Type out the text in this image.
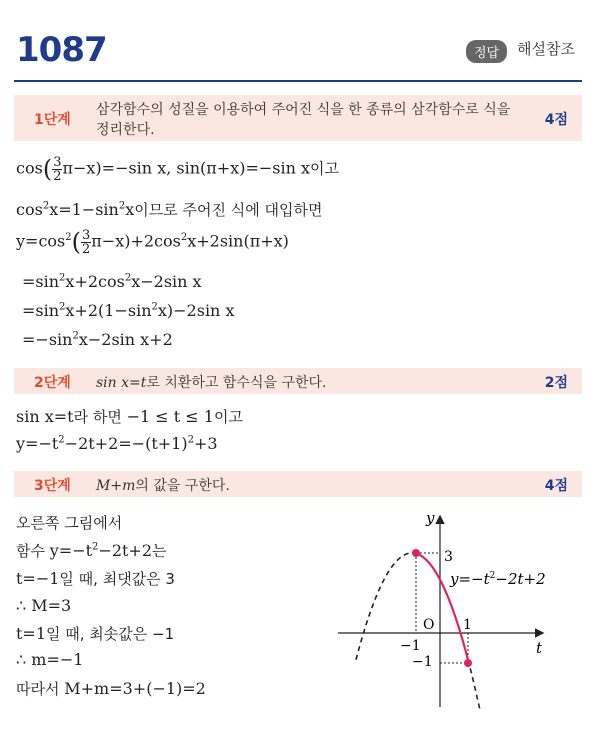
1087	정답	해설참조
1단계
삼각함수의 성질을 이용하여 주어진 식을 한 종류의 삼각함수로 식을
정리한다.
4점
$\cos( \frac{3}{2} \pi-x)=-\sin$ x, sin(π+x)=−sin x이고
$\cos^2x=1-\sin^2x$이므로 주어진 식에 대입하면
$y=\cos^2( \frac{3}{2} \pi-x)+2\cos^2x+2\sin(\pi+x)$
$=\sin^2x+2\cos^2x-2\sin$ x
$=\sin^2x+2(1-\sin^2x)-2\sin$ x
$=-\sin^2x-2\sin$ x+2
2단계 sin x=t로 치환하고 함수식을 구한다.	2점
sin x=t라 하면 −1 ≤ t ≤ 1이고
$y=-t^2-2t+2=-(t+1)^2+3$
3단계 M+m의 값을 구한다.	4점
오른쪽 그림에서
함수 $y=-t^2-2t+2$는
t=−1일 때, 최댓값은 3
∴ M=3
t=1일 때, 최솟값은 −1
∴ m=−1
따라서 M+m=3+(−1)=2
y
t
O
3
1
−1
−1
$y=-t^2-2t+2$
